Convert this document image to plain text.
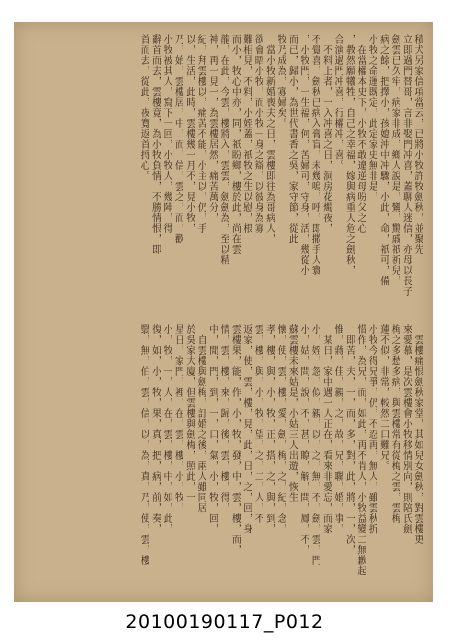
積犬另家信項當云，已將小牧許牧劍秋，並聚先
立即過門替哥，言非娶門冲喜，蓋聊人迷信，亦母以長子
劍雲已久牢，病家非成，鄉人說是，鸞，驚戚祇祈兒，
病之餘，把擇小，孩媳沖中冲驟，小此，命，祇可，備
小牧之命運既定，此定家史無非是，
　在當權本史下，小牧不敢違逆母吩父之心
，教然願犧牲，自己之幸福，嫁與病重人危之劍秋，
合演過門冲喜，行權冲，喜。
　不料上者，一入冲喜之日，洞房花燭夜，
不覺喜，劍秋已病入膏盲，未幾嗚，呼，即撒手人寰
，小牧門，一生福，何，苦婦可，守身，活，幾從小
而已，歸小，為世代書香之吳，家守節，從此
牧乃成為，寡婦矣。
　當小牧新婚喪夫之日，雲樓即往為哥病人，
欲會晤小牧，而小牧一身之辯，以彼身為寡
難相見，不料，小姪蓋，祇牧之生以慰，根
而小，牧心中亦，同，祇盼鄉，樓於此，尚在雲
龍，在此，今雲，樓將入，雲雲，劍劍為，至以精
神，再一見一，為雲樓居然，痛苦萬分，
紀，拜雲樓以，痛苦不能，小主以，仍，手
以，生活，此時，雲樓幾一月不，見小牧，
乃，始，雲樓居，中，而，信，雲之，而，歡
小牧被其人，寫下一回，小牧人，幾陣，得
辭首而去，雲樓竟，為小牧負情，不勝情恨，即
首而去，從此，夜寬返首捋心。
　雲樓痛恨劍秋家堂，其如兒女劍秋，對雲樓更
來愛慕，是次雲樓會小牧移情別向，則陪氏劍
梅之多愁多病，與雲樓常有從梅之雲，雲梅
蓮不似，非常，較然二口難兄。
小牧今得兄爭，仍，不忍再，無人，雖雲秋折
惜作，為兄，而，如此，再不肯人，小牧益變二無歉起
　即苦，夫，一，而，多，對，此，將，一，次，
惟，蔣，佳，親，之，故，兄，聯，婚，事，
　某日，家中遇一人正在，看來非愛忘，而家
小，姪，忽，似，親，以，之，無，不，劍，雲，門
小，姑，問，說，不，甚，瞭，解，問，鳳，不，
蘇雲樓未來姑是，小姑三人出遊，恢生
懷，使，雲，樓，愛，劍，梅，之，紀，念，
孝，樓，與，小，牧，正，搭，之，與，到，
雲，樓，與，小，牧，望，之，二，人，不
返家，使，雲，樓，見，此，日，之，回，身
雲樓果，能，作，小，牧，發，中，雲，樓，而，
情，雲，樓，來，歸，後，雲，樓，得，
中，閒，門，到，一，口，氣，小，牧，回，
　自雲樓與劍梅，訂婚之後，兩人雖同居
於吳家大廈，但雲樓與劍梅，照此，一
星日，家門，裡，在，雲，樓，小，牧，
小，牧，一，人，在，雲，樓，中，如，此，
復，如，小，牧，果，真，把，病，前，奏，
翳，無，伯，雲，信，以，為，真，乃，使，雲，樓
20100190117_P012
